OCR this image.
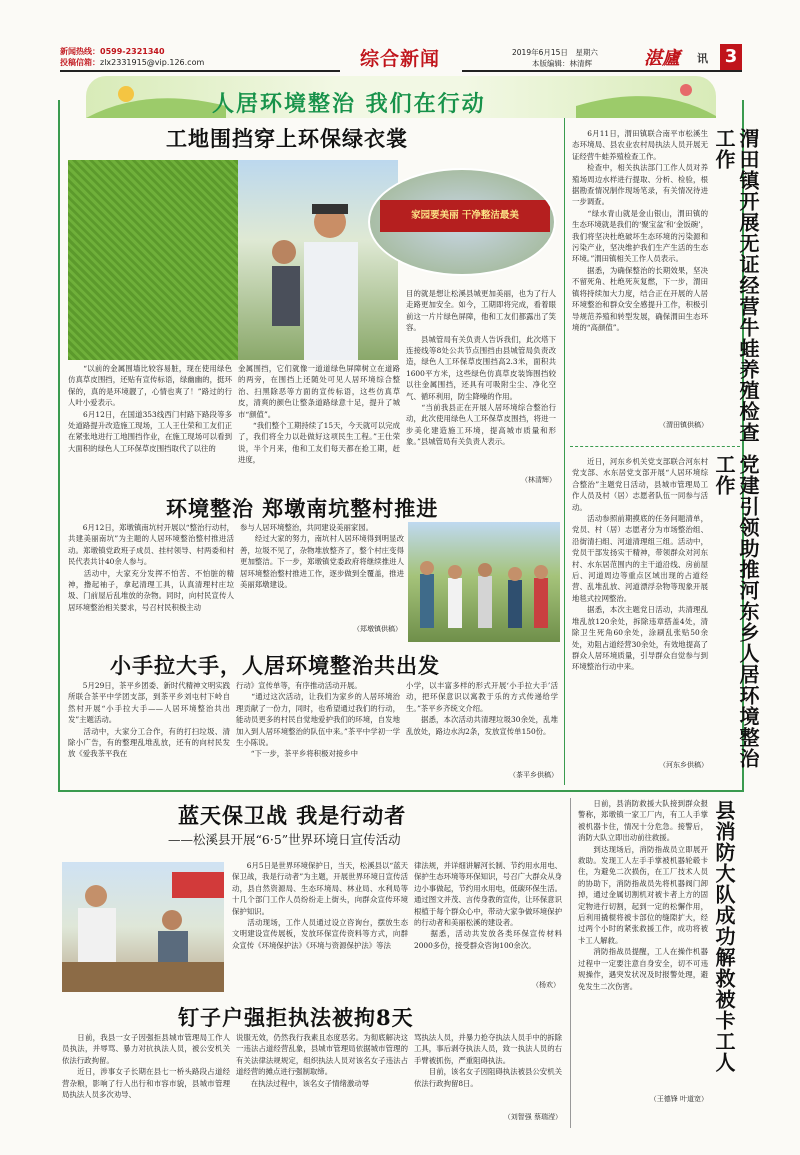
新闻热线：0599-2321340
投稿信箱：zlx2331915@vip.126.com	综合新闻	2019年6月15日　星期六
本版编辑：林清辉	湛廬 讯 3
人居环境整治 我们在行动
工地围挡穿上环保绿衣裳
家园要美丽 干净整洁最美
　　“以前的金属围墙比较容易脏，现在使用绿色仿真草皮围挡，还贴有宣传标语，绿幽幽的，挺环保的，真的是环境靓了，心情也爽了！”路过的行人叶小爱表示。
　　6月12日，在国道353线西门村路下路段等多处道路提升改造施工现场，工人王仕荣和工友们正在紧张地进行工地围挡作业，在施工现场可以看到大面积的绿色人工环保草皮围挡取代了以往的
金属围挡，它们就像一道道绿色屏障树立在道路的两旁，在围挡上还随处可见人居环境综合整治、扫黑除恶等方面的宣传标语，这些仿真草皮，清爽的颜色让整条道路绿意十足，提升了城市“颜值”。
　　“我们整个工期持续了15天，今天就可以完成了，我们将全力以赴做好这项民生工程。”王仕荣说，半个月来，他和工友们每天都在抢工期，赶进度，
目的就是想让松溪县城更加美丽，也为了行人走路更加安全。如今，工期即将完成，看着眼前这一片片绿色屏障，他和工友们都露出了笑容。
　　县城管局有关负责人告诉我们，此次塔下连接线等8处公共节点围挡由县城管局负责改造，绿色人工环保草皮围挡高2.3米，面积共1600平方米，这些绿色仿真草皮装饰围挡较以往金属围挡，还具有可吸附尘尘、净化空气、循环利用，防尘降噪的作用。
　　“当前我县正在开展人居环境综合整治行动，此次使用绿色人工环保草皮围挡，将进一步美化建造施工环境，提高城市质量和形象。”县城管局有关负责人表示。
（林清辉）
渭田镇开展无证经营牛蛙养殖检查工作
　　6月11日，渭田镇联合南平市松溪生态环境局、县农业农村局执法人员开展无证经营牛蛙养殖检查工作。
　　检查中，相关执法部门工作人员对养殖场周边水样进行提取、分析、检验，根据勘查情况制作现场笔录，有关情况待进一步调查。
　　“绿水青山就是金山银山，渭田镇的生态环境就是我们的‘聚宝盆’和‘金饭碗’，我们将坚决杜绝破坏生态环境的污染源和污染产业，坚决维护我们生产生活的生态环境。”渭田镇相关工作人员表示。
　　据悉，为确保整治的长期效果，坚决不留死角、杜绝死灰复燃，下一步，渭田镇将持续加大力度，结合正在开展的人居环境整治和群众安全感提升工作，积极引导规范养殖和转型发展，确保渭田生态环境的“高颜值”。
（渭田镇供稿）
环境整治 郑墩南坑整村推进
　　6月12日，郑墩镇南坑村开展以“整治行动村，共建美丽南坑”为主题的人居环境整治整村推进活动。郑墩镇党政班子成员、挂村领导、村两委和村民代表共计40余人参与。
　　活动中，大家充分发挥不怕苦、不怕脏的精神，撸起袖子，拿起清理工具，认真清理村庄垃圾、门前屋后乱堆放的杂物。同时，向村民宣传人居环境整治相关要求，号召村民积极主动
参与人居环境整治，共同建设美丽家园。
　　经过大家的努力，南坑村人居环境得到明显改善，垃圾不见了，杂物堆放整齐了，整个村庄变得更加整洁。下一步，郑墩镇党委政府将继续推进人居环境整治整村推进工作，逐步做到全覆盖，推进美丽郑墩建设。
（郑墩镇供稿）	党建引领助推河东乡人居环境整治工作
　　近日，河东乡机关党支部联合河东村党支部、水东居党支部开展“人居环境综合整治”主题党日活动，县城市管理局工作人员及村（居）志愿者队伍一同参与活动。
　　活动参照前期摸底的任务问题清单，党员、村（居）志愿者分为市场整治组、沿街清扫组、河道清理组三组。活动中，党员干部发扬实干精神，带领群众对河东村、水东居范围内的主干道沿线、房前屋后、河道周边等重点区域出现的占道经营、乱堆乱放、河道漂浮杂物等现象开展地毯式拉网整治。
　　据悉，本次主题党日活动，共清理乱堆乱放120余处，拆除违章搭盖4处，清除卫生死角60余处，涂刷乱张贴50余处，劝阻占道经营30余处，有效地提高了群众人居环境质量，引导群众自觉参与到环境整治行动中来。
（河东乡供稿）
小手拉大手，人居环境整治共出发
　　5月29日，茶平乡团委、新时代精神文明实践所联合茶平中学团支部，到茶平乡刘屯村下岭自然村开展“小手拉大手——人居环境整治共出发”主题活动。
　　活动中，大家分工合作，有的打扫垃圾、清除小广告，有的整理乱堆乱放，还有的向村民发放《爱我茶平我在
行动》宣传单等，有序推动活动开展。
　　“通过这次活动，让我们为家乡的人居环境治理贡献了一份力，同时，也希望通过我们的行动，能动员更多的村民自觉地爱护我们的环境，自发地加入到人居环境整治的队伍中来。”茶平中学初一学生小陈说。
　　“下一步，茶平乡将积极对接乡中
小学，以丰富多样的形式开展‘小手拉大手’活动，把环保意识以寓教于乐的方式传递给学生。”茶平乡齐统文介绍。
　　据悉，本次活动共清理垃圾30余处，乱堆乱放处，路边水沟2条，发放宣传单150份。
（茶平乡供稿）
蓝天保卫战 我是行动者
——松溪县开展“6·5”世界环境日宣传活动
　　6月5日是世界环境保护日，当天，松溪县以“蓝天保卫战，我是行动者”为主题，开展世界环境日宣传活动，县自然资源局、生态环境局、林业局、水利局等十几个部门工作人员纷纷走上街头，向群众宣传环境保护知识。
　　活动现场，工作人员通过设立咨询台，摆放生态文明建设宣传展板，发放环保宣传资料等方式，向群众宣传《环境保护法》《环境与资源保护法》等法
律法规，并详细讲解河长制、节约用水用电、保护生态环境等环保知识，号召广大群众从身边小事做起，节约用水用电，低碳环保生活。通过图文并茂、言传身教的宣传，让环保意识根植于每个群众心中，带动大家争做环境保护的行动者和美丽松溪的建设者。
　　据悉，活动共发放各类环保宣传材料2000多份，接受群众咨询100余次。
（杨欢）	县消防大队成功解救被卡工人
　　日前，县消防救援大队接到群众报警称，郑墩镇一家工厂内，有工人手掌被机器卡住，情况十分危急。接警后，消防大队立即出动前往救援。
　　到达现场后，消防指战员立即展开救助。发现工人左手手掌被机器轮毂卡住，为避免二次损伤，在工厂技术人员的协助下，消防指战员先将机器阀门卸掉，通过金属切割机对被卡者上方的固定物进行切割，起到一定的松懈作用，后利用撬棍将被卡部位的缝隙扩大，经过两个小时的紧张救援工作，成功将被卡工人解救。
　　消防指战员提醒，工人在操作机器过程中一定要注意自身安全，切不可违规操作，遇突发状况及时报警处理，避免发生二次伤害。
（王德锋 叶道宽）
钉子户强拒执法被拘8天
　　日前，我县一女子因强拒县城市管理局工作人员执法，并辱骂、暴力对抗执法人员，被公安机关依法行政拘留。
　　近日，涉事女子长期在县七一桥头路段占道经营杂粮，影响了行人出行和市容市貌，县城市管理局执法人员多次劝导、
说服无效，仍然我行我素且态度恶劣。为彻底解决这一违法占道经营乱象，县城市管理局依据城市管理的有关法律法规规定，组织执法人员对该名女子违法占道经营的摊点进行强制取缔。
　　在执法过程中，该名女子情绪激动辱
骂执法人员，并暴力抢夺执法人员手中的拆除工具，事后剥夺执法人员，致一执法人员的右手臂被抓伤，严重阻碍执法。
　　目前，该名女子因阻碍执法被县公安机关依法行政拘留8日。
（刘智强 蔡瑞滢）
